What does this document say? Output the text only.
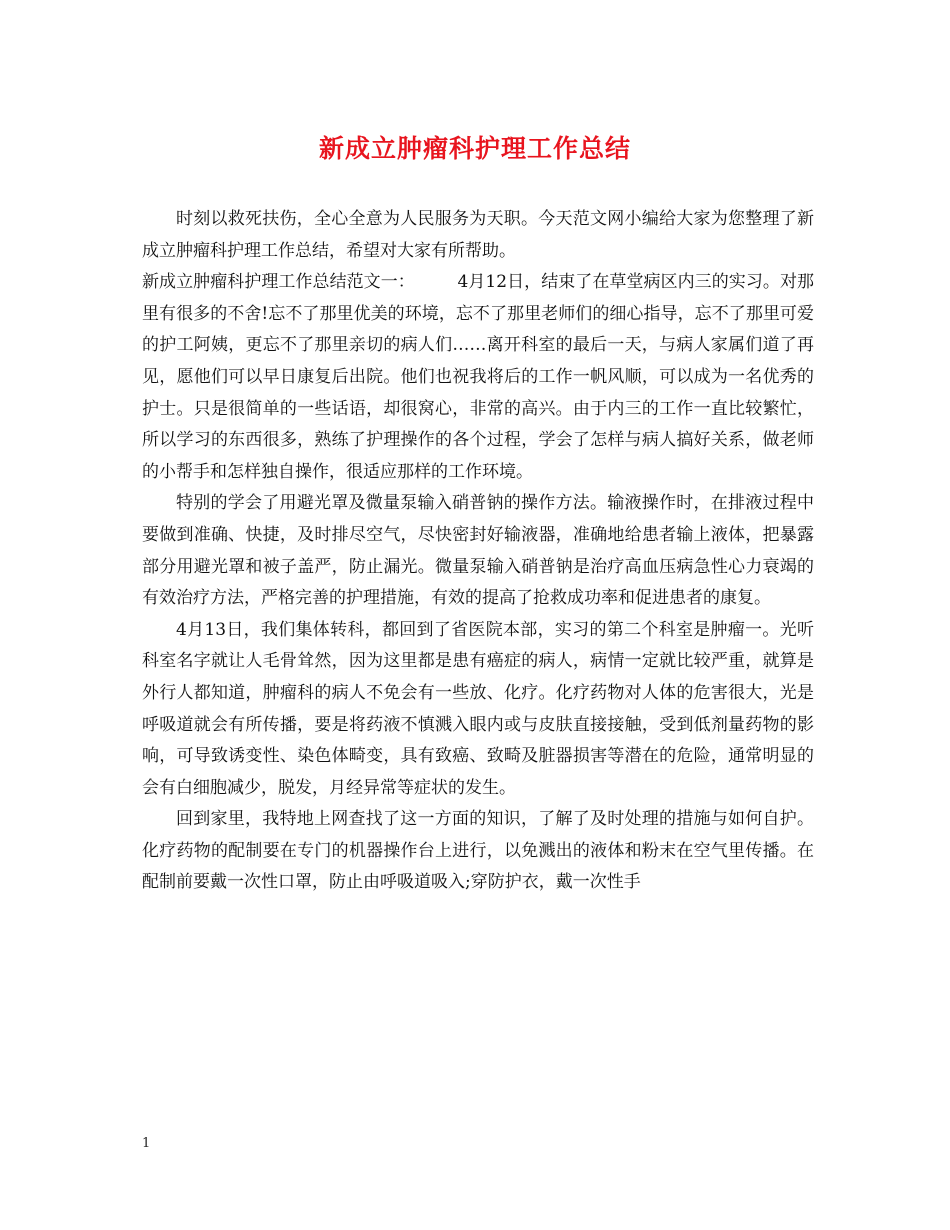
新成立肿瘤科护理工作总结

时刻以救死扶伤，全心全意为人民服务为天职。今天范文网小编给大家为您整理了新成立肿瘤科护理工作总结，希望对大家有所帮助。

新成立肿瘤科护理工作总结范文一：　　　4月12日，结束了在草堂病区内三的实习。对那里有很多的不舍!忘不了那里优美的环境，忘不了那里老师们的细心指导，忘不了那里可爱的护工阿姨，更忘不了那里亲切的病人们……离开科室的最后一天，与病人家属们道了再见，愿他们可以早日康复后出院。他们也祝我将后的工作一帆风顺，可以成为一名优秀的护士。只是很简单的一些话语，却很窝心，非常的高兴。由于内三的工作一直比较繁忙，所以学习的东西很多，熟练了护理操作的各个过程，学会了怎样与病人搞好关系，做老师的小帮手和怎样独自操作，很适应那样的工作环境。

特别的学会了用避光罩及微量泵输入硝普钠的操作方法。输液操作时，在排液过程中要做到准确、快捷，及时排尽空气，尽快密封好输液器，准确地给患者输上液体，把暴露部分用避光罩和被子盖严，防止漏光。微量泵输入硝普钠是治疗高血压病急性心力衰竭的有效治疗方法，严格完善的护理措施，有效的提高了抢救成功率和促进患者的康复。

4月13日，我们集体转科，都回到了省医院本部，实习的第二个科室是肿瘤一。光听科室名字就让人毛骨耸然，因为这里都是患有癌症的病人，病情一定就比较严重，就算是外行人都知道，肿瘤科的病人不免会有一些放、化疗。化疗药物对人体的危害很大，光是呼吸道就会有所传播，要是将药液不慎溅入眼内或与皮肤直接接触，受到低剂量药物的影响，可导致诱变性、染色体畸变，具有致癌、致畸及脏器损害等潜在的危险，通常明显的会有白细胞减少，脱发，月经异常等症状的发生。

回到家里，我特地上网查找了这一方面的知识，了解了及时处理的措施与如何自护。化疗药物的配制要在专门的机器操作台上进行，以免溅出的液体和粉末在空气里传播。在配制前要戴一次性口罩，防止由呼吸道吸入;穿防护衣，戴一次性手

1
